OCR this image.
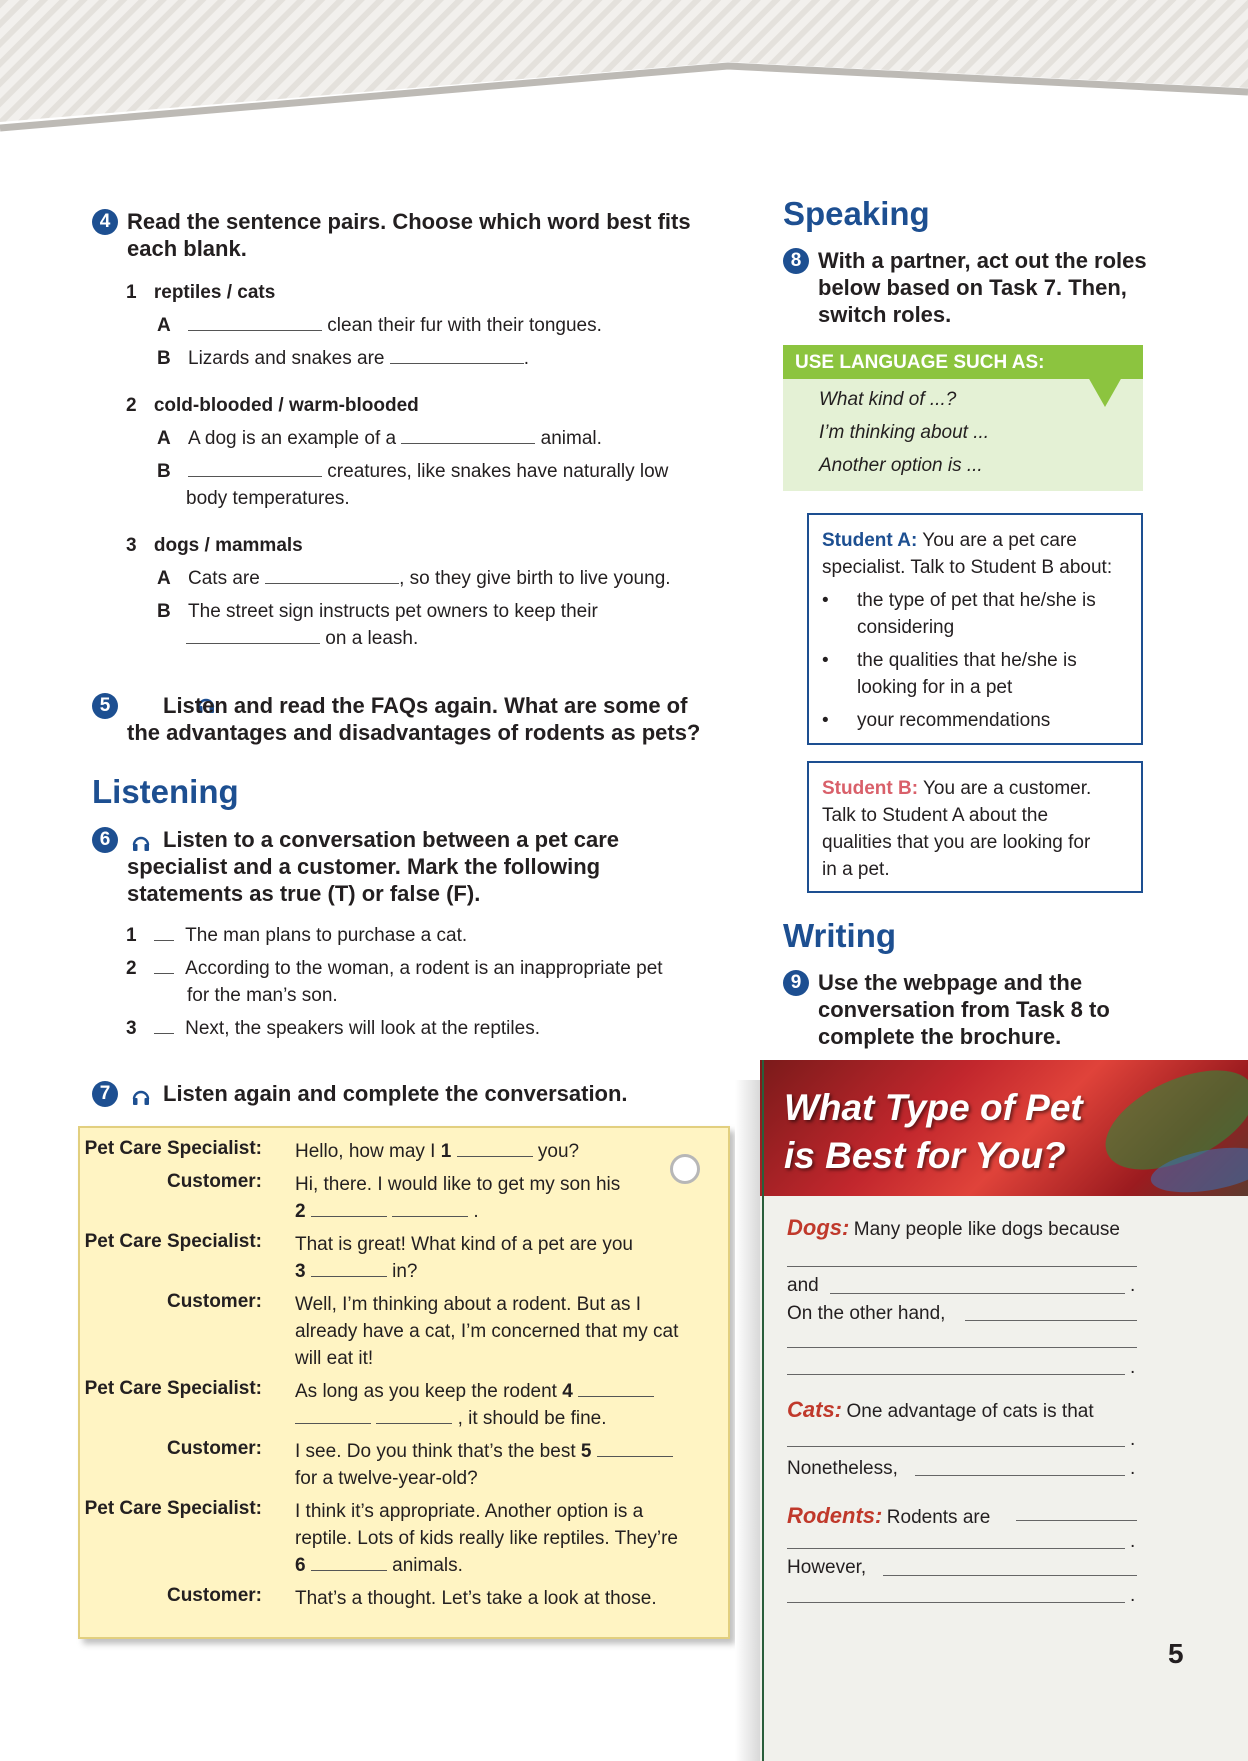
4 Read the sentence pairs. Choose which word best fits each blank.
1 reptiles / cats
A	clean their fur with their tongues.
B Lizards and snakes are	.
2 cold-blooded / warm-blooded
A A dog is an example of a	animal.
B	creatures, like snakes have naturally low
body temperatures.
3 dogs / mammals
A Cats are	, so they give birth to live young.
B The street sign instructs pet owners to keep their
on a leash.
5	Listen and read the FAQs again. What are some of the advantages and disadvantages of rodents as pets?
Listening
6	Listen to a conversation between a pet care specialist and a customer. Mark the following statements as true (T) or false (F).
1	The man plans to purchase a cat.
2	According to the woman, a rodent is an inappropriate pet
for the man’s son.
3	Next, the speakers will look at the reptiles.
7	Listen again and complete the conversation.
Pet Care Specialist: Hello, how may I 1	you?
Customer: Hi, there. I would like to get my son his
2	.
Pet Care Specialist: That is great! What kind of a pet are you
3	in?
Customer: Well, I’m thinking about a rodent. But as I
already have a cat, I’m concerned that my cat
will eat it!
Pet Care Specialist: As long as you keep the rodent 4
, it should be fine.
Customer: I see. Do you think that’s the best 5
for a twelve-year-old?
Pet Care Specialist: I think it’s appropriate. Another option is a
reptile. Lots of kids really like reptiles. They’re
6	animals.
Customer: That’s a thought. Let’s take a look at those.
Speaking
8 With a partner, act out the roles below based on Task 7. Then, switch roles.
USE LANGUAGE SUCH AS:
What kind of ...?
I’m thinking about ...
Another option is ...
Student A: You are a pet care
specialist. Talk to Student B about:
• the type of pet that he/she is
considering
• the qualities that he/she is
looking for in a pet
• your recommendations
Student B: You are a customer.
Talk to Student A about the
qualities that you are looking for
in a pet.
Writing
9 Use the webpage and the conversation from Task 8 to complete the brochure.
What Type of Pet
is Best for You?
Dogs: Many people like dogs because
and	.
On the other hand,
.
Cats: One advantage of cats is that
.
Nonetheless,	.
Rodents: Rodents are
.
However,
.
5
